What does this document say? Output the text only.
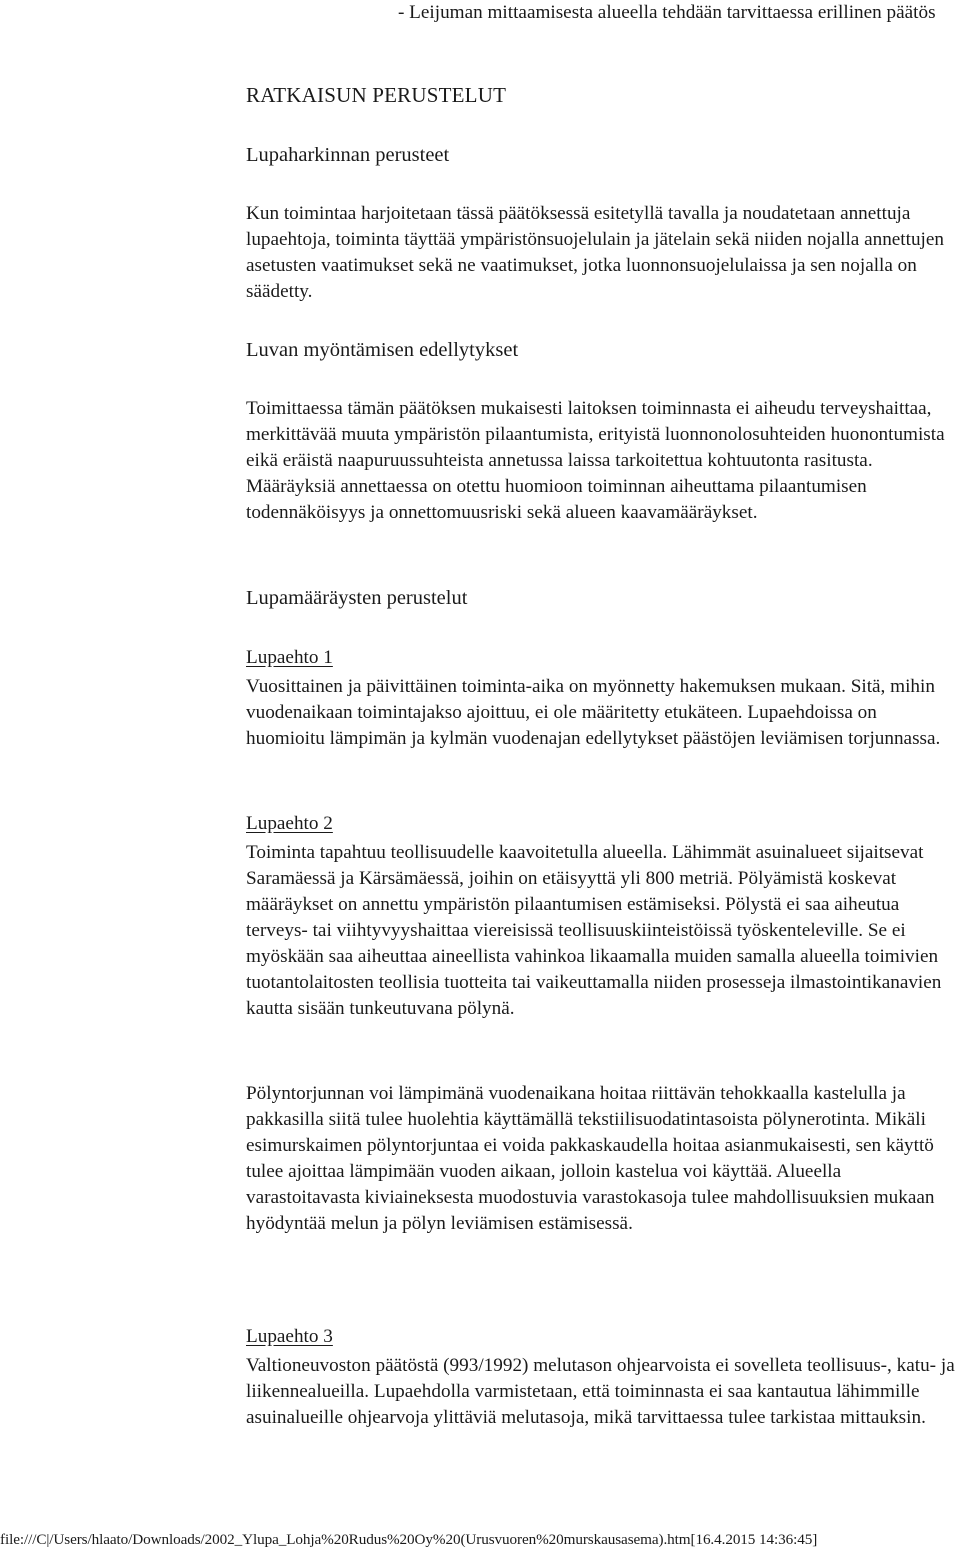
- Leijuman mittaamisesta alueella tehdään tarvittaessa erillinen päätös

RATKAISUN PERUSTELUT
Lupaharkinnan perusteet

Kun toimintaa harjoitetaan tässä päätöksessä esitetyllä tavalla ja noudatetaan annettuja lupaehtoja, toiminta täyttää ympäristönsuojelulain ja jätelain sekä niiden nojalla annettujen asetusten vaatimukset sekä ne vaatimukset, jotka luonnonsuojelulaissa ja sen nojalla on säädetty.

Luvan myöntämisen edellytykset

Toimittaessa tämän päätöksen mukaisesti laitoksen toiminnasta ei aiheudu terveyshaittaa, merkittävää muuta ympäristön pilaantumista, erityistä luonnonolosuhteiden huonontumista eikä eräistä naapuruussuhteista annetussa laissa tarkoitettua kohtuutonta rasitusta. Määräyksiä annettaessa on otettu huomioon toiminnan aiheuttama pilaantumisen todennäköisyys ja onnettomuusriski sekä alueen kaavamääräykset.

Lupamääräysten perustelut
Lupaehto 1

Vuosittainen ja päivittäinen toiminta-aika on myönnetty hakemuksen mukaan. Sitä, mihin vuodenaikaan toimintajakso ajoittuu, ei ole määritetty etukäteen. Lupaehdoissa on huomioitu lämpimän ja kylmän vuodenajan edellytykset päästöjen leviämisen torjunnassa.

Lupaehto 2

Toiminta tapahtuu teollisuudelle kaavoitetulla alueella. Lähimmät asuinalueet sijaitsevat Saramäessä ja Kärsämäessä, joihin on etäisyyttä yli 800 metriä. Pölyämistä koskevat määräykset on annettu ympäristön pilaantumisen estämiseksi. Pölystä ei saa aiheutua terveys- tai viihtyvyyshaittaa viereisissä teollisuuskiinteistöissä työskenteleville. Se ei myöskään saa aiheuttaa aineellista vahinkoa likaamalla muiden samalla alueella toimivien tuotantolaitosten teollisia tuotteita tai vaikeuttamalla niiden prosesseja ilmastointikanavien kautta sisään tunkeutuvana pölynä.

Pölyntorjunnan voi lämpimänä vuodenaikana hoitaa riittävän tehokkaalla kastelulla ja pakkasilla siitä tulee huolehtia käyttämällä tekstiilisuodatintasoista pölynerotinta. Mikäli esimurskaimen pölyntorjuntaa ei voida pakkaskaudella hoitaa asianmukaisesti, sen käyttö tulee ajoittaa lämpimään vuoden aikaan, jolloin kastelua voi käyttää. Alueella varastoitavasta kiviaineksesta muodostuvia varastokasoja tulee mahdollisuuksien mukaan hyödyntää melun ja pölyn leviämisen estämisessä.

Lupaehto 3

Valtioneuvoston päätöstä (993/1992) melutason ohjearvoista ei sovelleta teollisuus-, katu- ja liikennealueilla. Lupaehdolla varmistetaan, että toiminnasta ei saa kantautua lähimmille asuinalueille ohjearvoja ylittäviä melutasoja, mikä tarvittaessa tulee tarkistaa mittauksin.

file:///C|/Users/hlaato/Downloads/2002_Ylupa_Lohja%20Rudus%20Oy%20(Urusvuoren%20murskausasema).htm[16.4.2015 14:36:45]
